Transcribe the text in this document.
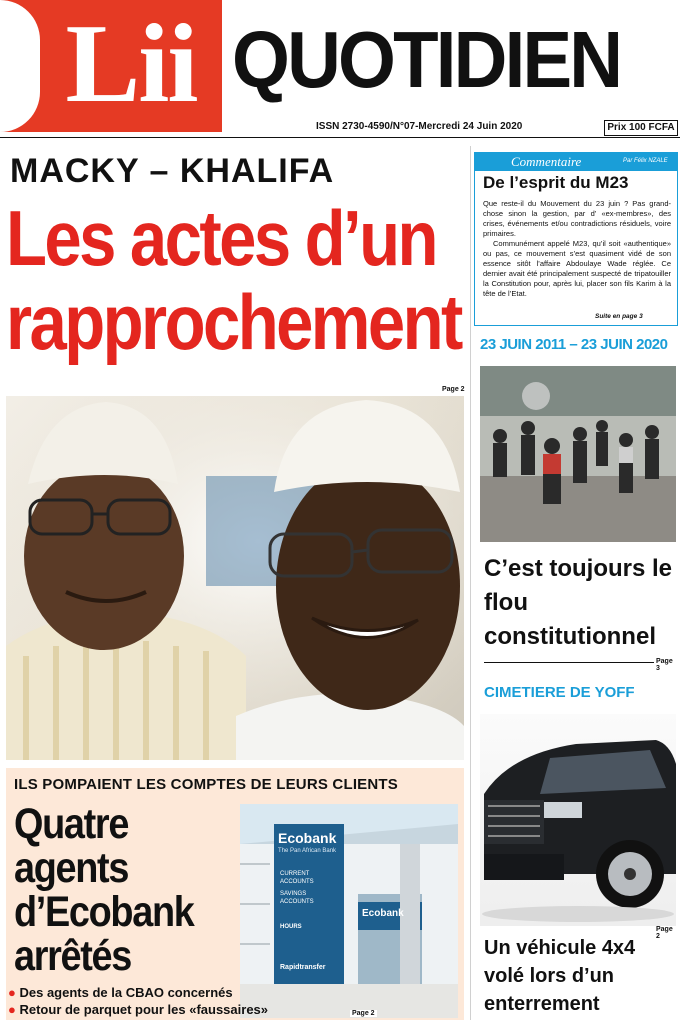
Lii QUOTIDIEN
ISSN 2730-4590/N°07-Mercredi 24 Juin 2020	Prix 100 FCFA
MACKY – KHALIFA
Les actes d’un
rapprochement
Page 2
Commentaire	Par Félix NZALE
De l’esprit du M23
Que reste-il du Mouvement du 23 juin ? Pas grand-chose sinon la gestion, par d’ «ex-membres», des crises, événements et/ou contradictions résiduels, voire primaires.
Communément appelé M23, qu’il soit «authentique» ou pas, ce mouvement s’est quasiment vidé de son essence sitôt l’affaire Abdoulaye Wade réglée. Ce dernier avait été principalement suspecté de tripatouiller la Constitution pour, après lui, placer son fils Karim à la tête de l’Etat.
Suite en page 3
23 JUIN 2011 – 23 JUIN 2020
C’est toujours le flou constitutionnel
Page 3
CIMETIERE DE YOFF
Page 2
Un véhicule 4x4 volé lors d’un enterrement
ILS POMPAIENT LES COMPTES DE LEURS CLIENTS
Quatre
agents
d’Ecobank
arrêtés
Ecobank
The Pan African Bank
CURRENT ACCOUNTS
SAVINGS ACCOUNTS
HOURS
Ecobank
Rapidtransfer
Page 2
● Des agents de la CBAO concernés
● Retour de parquet pour les «faussaires»
